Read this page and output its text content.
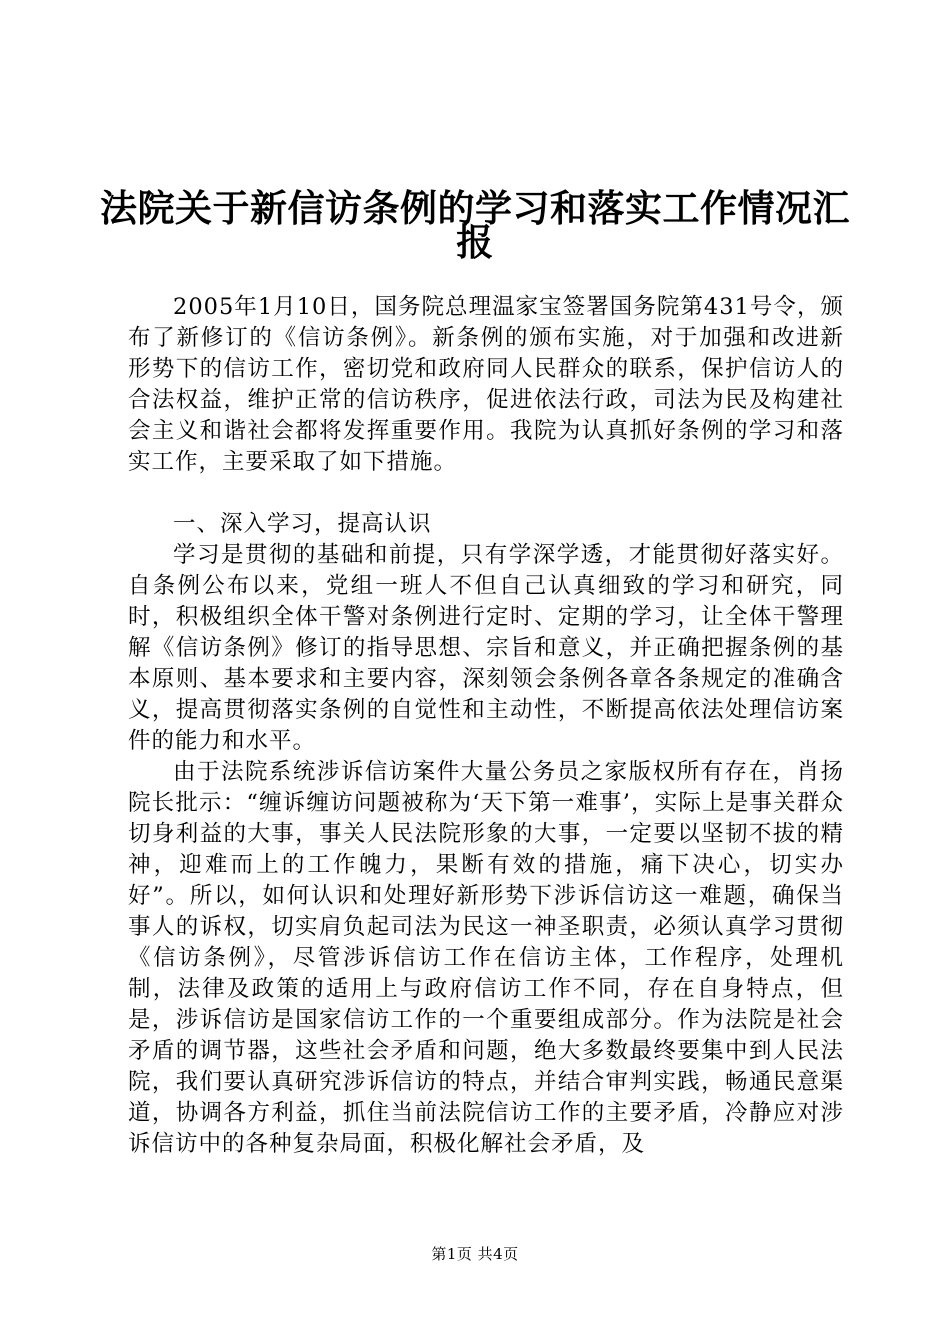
法院关于新信访条例的学习和落实工作情况汇
报

2005年1月10日，国务院总理温家宝签署国务院第431号令，颁布了新修订的《信访条例》。新条例的颁布实施，对于加强和改进新形势下的信访工作，密切党和政府同人民群众的联系，保护信访人的合法权益，维护正常的信访秩序，促进依法行政，司法为民及构建社会主义和谐社会都将发挥重要作用。我院为认真抓好条例的学习和落实工作，主要采取了如下措施。

一、深入学习，提高认识

学习是贯彻的基础和前提，只有学深学透，才能贯彻好落实好。自条例公布以来，党组一班人不但自己认真细致的学习和研究，同时，积极组织全体干警对条例进行定时、定期的学习，让全体干警理解《信访条例》修订的指导思想、宗旨和意义，并正确把握条例的基本原则、基本要求和主要内容，深刻领会条例各章各条规定的准确含义，提高贯彻落实条例的自觉性和主动性，不断提高依法处理信访案件的能力和水平。

由于法院系统涉诉信访案件大量公务员之家版权所有存在，肖扬院长批示：“缠诉缠访问题被称为‘天下第一难事’，实际上是事关群众切身利益的大事，事关人民法院形象的大事，一定要以坚韧不拔的精神，迎难而上的工作魄力，果断有效的措施，痛下决心，切实办好”。所以，如何认识和处理好新形势下涉诉信访这一难题，确保当事人的诉权，切实肩负起司法为民这一神圣职责，必须认真学习贯彻《信访条例》，尽管涉诉信访工作在信访主体，工作程序，处理机制，法律及政策的适用上与政府信访工作不同，存在自身特点，但是，涉诉信访是国家信访工作的一个重要组成部分。作为法院是社会矛盾的调节器，这些社会矛盾和问题，绝大多数最终要集中到人民法院，我们要认真研究涉诉信访的特点，并结合审判实践，畅通民意渠道，协调各方利益，抓住当前法院信访工作的主要矛盾，冷静应对涉诉信访中的各种复杂局面，积极化解社会矛盾，及

第1页 共4页
